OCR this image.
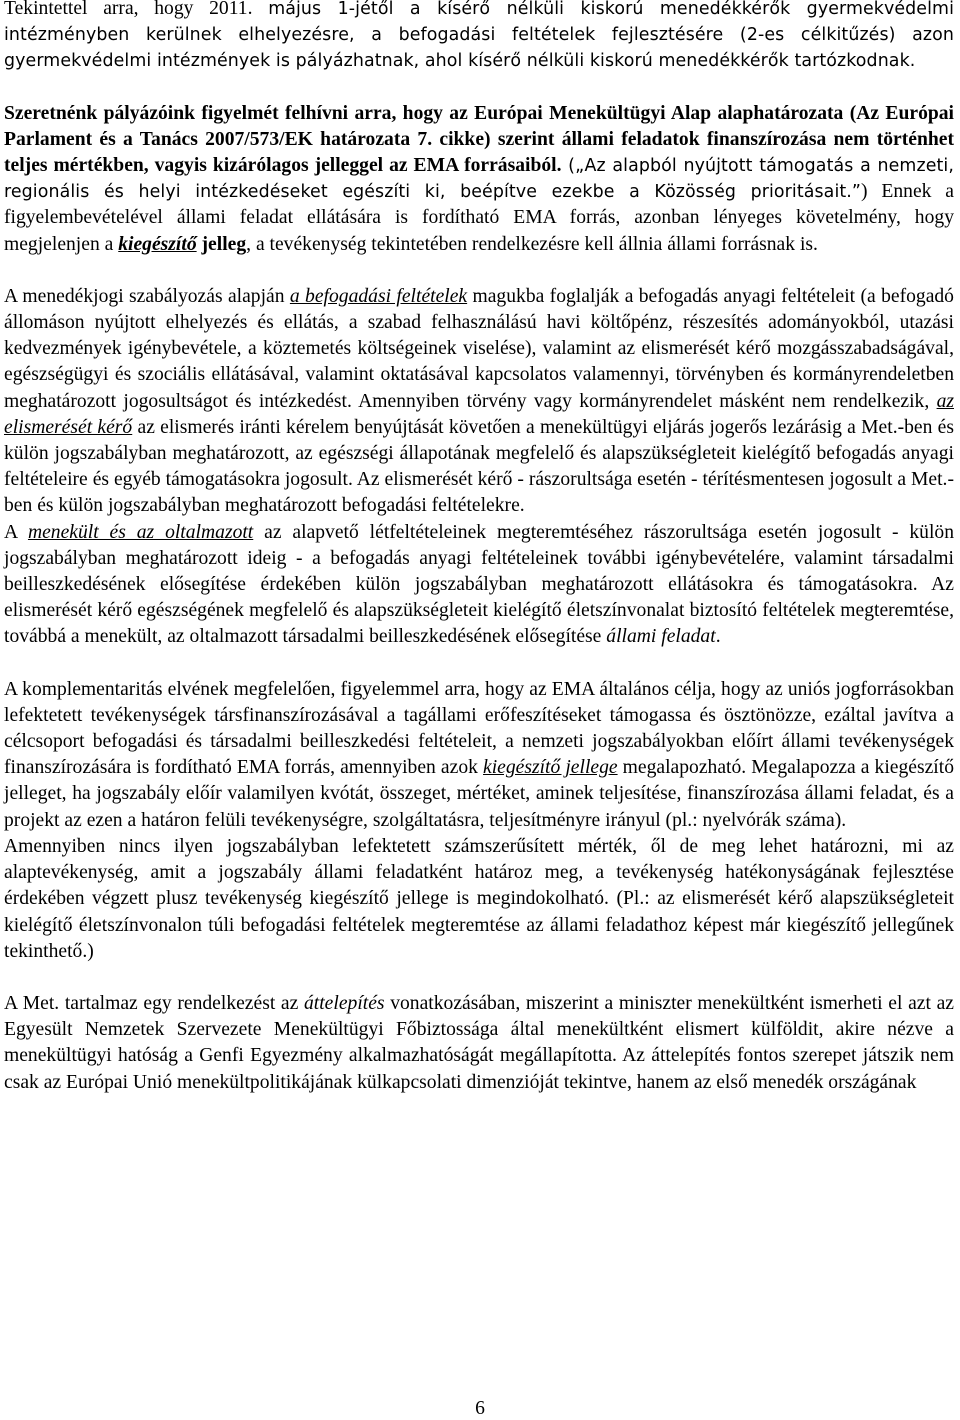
Tekintettel arra, hogy 2011. május 1-jétől a kísérő nélküli kiskorú menedékkérők gyermekvédelmi intézményben kerülnek elhelyezésre, a befogadási feltételek fejlesztésére (2-es célkitűzés) azon gyermekvédelmi intézmények is pályázhatnak, ahol kísérő nélküli kiskorú menedékkérők tartózkodnak.

Szeretnénk pályázóink figyelmét felhívni arra, hogy az Európai Menekültügyi Alap alaphatározata (Az Európai Parlament és a Tanács 2007/573/EK határozata 7. cikke) szerint állami feladatok finanszírozása nem történhet teljes mértékben, vagyis kizárólagos jelleggel az EMA forrásaiból. („Az alapból nyújtott támogatás a nemzeti, regionális és helyi intézkedéseket egészíti ki, beépítve ezekbe a Közösség prioritásait.”) Ennek a figyelembevételével állami feladat ellátására is fordítható EMA forrás, azonban lényeges követelmény, hogy megjelenjen a kiegészítő jelleg, a tevékenység tekintetében rendelkezésre kell állnia állami forrásnak is.

A menedékjogi szabályozás alapján a befogadási feltételek magukba foglalják a befogadás anyagi feltételeit (a befogadó állomáson nyújtott elhelyezés és ellátás, a szabad felhasználású havi költőpénz, részesítés adományokból, utazási kedvezmények igénybevétele, a köztemetés költségeinek viselése), valamint az elismerését kérő mozgásszabadságával, egészségügyi és szociális ellátásával, valamint oktatásával kapcsolatos valamennyi, törvényben és kormányrendeletben meghatározott jogosultságot és intézkedést. Amennyiben törvény vagy kormányrendelet másként nem rendelkezik, az elismerését kérő az elismerés iránti kérelem benyújtását követően a menekültügyi eljárás jogerős lezárásig a Met.-ben és külön jogszabályban meghatározott, az egészségi állapotának megfelelő és alapszükségleteit kielégítő befogadás anyagi feltételeire és egyéb támogatásokra jogosult. Az elismerését kérő - rászorultsága esetén - térítésmentesen jogosult a Met.-ben és külön jogszabályban meghatározott befogadási feltételekre.

A menekült és az oltalmazott az alapvető létfeltételeinek megteremtéséhez rászorultsága esetén jogosult - külön jogszabályban meghatározott ideig - a befogadás anyagi feltételeinek további igénybevételére, valamint társadalmi beilleszkedésének elősegítése érdekében külön jogszabályban meghatározott ellátásokra és támogatásokra. Az elismerését kérő egészségének megfelelő és alapszükségleteit kielégítő életszínvonalat biztosító feltételek megteremtése, továbbá a menekült, az oltalmazott társadalmi beilleszkedésének elősegítése állami feladat.

A komplementaritás elvének megfelelően, figyelemmel arra, hogy az EMA általános célja, hogy az uniós jogforrásokban lefektetett tevékenységek társfinanszírozásával a tagállami erőfeszítéseket támogassa és ösztönözze, ezáltal javítva a célcsoport befogadási és társadalmi beilleszkedési feltételeit, a nemzeti jogszabályokban előírt állami tevékenységek finanszírozására is fordítható EMA forrás, amennyiben azok kiegészítő jellege megalapozható. Megalapozza a kiegészítő jelleget, ha jogszabály előír valamilyen kvótát, összeget, mértéket, aminek teljesítése, finanszírozása állami feladat, és a projekt az ezen a határon felüli tevékenységre, szolgáltatásra, teljesítményre irányul (pl.: nyelvórák száma).

Amennyiben nincs ilyen jogszabályban lefektetett számszerűsített mérték, ől de meg lehet határozni, mi az alaptevékenység, amit a jogszabály állami feladatként határoz meg, a tevékenység hatékonyságának fejlesztése érdekében végzett plusz tevékenység kiegészítő jellege is megindokolható. (Pl.: az elismerését kérő alapszükségleteit kielégítő életszínvonalon túli befogadási feltételek megteremtése az állami feladathoz képest már kiegészítő jellegűnek tekinthető.)

A Met. tartalmaz egy rendelkezést az áttelepítés vonatkozásában, miszerint a miniszter menekültként ismerheti el azt az Egyesült Nemzetek Szervezete Menekültügyi Főbiztossága által menekültként elismert külföldit, akire nézve a menekültügyi hatóság a Genfi Egyezmény alkalmazhatóságát megállapította. Az áttelepítés fontos szerepet játszik nem csak az Európai Unió menekültpolitikájának külkapcsolati dimenzióját tekintve, hanem az első menedék országának

6
